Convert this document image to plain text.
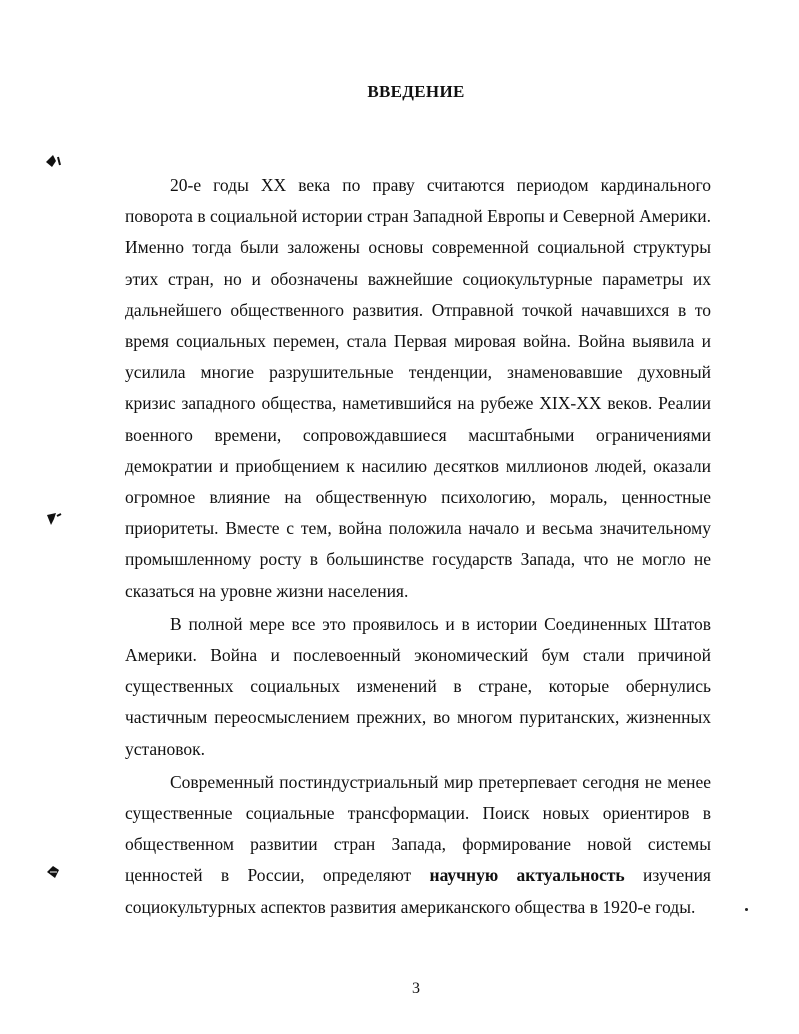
ВВЕДЕНИЕ

20-е годы XX века по праву считаются периодом кардинального поворота в социальной истории стран Западной Европы и Северной Америки. Именно тогда были заложены основы современной социальной структуры этих стран, но и обозначены важнейшие социокультурные параметры их дальнейшего общественного развития. Отправной точкой начавшихся в то время социальных перемен, стала Первая мировая война. Война выявила и усилила многие разрушительные тенденции, знаменовавшие духовный кризис западного общества, наметившийся на рубеже XIX-XX веков. Реалии военного времени, сопровождавшиеся масштабными ограничениями демократии и приобщением к насилию десятков миллионов людей, оказали огромное влияние на общественную психологию, мораль, ценностные приоритеты. Вместе с тем, война положила начало и весьма значительному промышленному росту в большинстве государств Запада, что не могло не сказаться на уровне жизни населения.

В полной мере все это проявилось и в истории Соединенных Штатов Америки. Война и послевоенный экономический бум стали причиной существенных социальных изменений в стране, которые обернулись частичным переосмыслением прежних, во многом пуританских, жизненных установок.

Современный постиндустриальный мир претерпевает сегодня не менее существенные социальные трансформации. Поиск новых ориентиров в общественном развитии стран Запада, формирование новой системы ценностей в России, определяют научную актуальность изучения социокультурных аспектов развития американского общества в 1920-е годы.

3
